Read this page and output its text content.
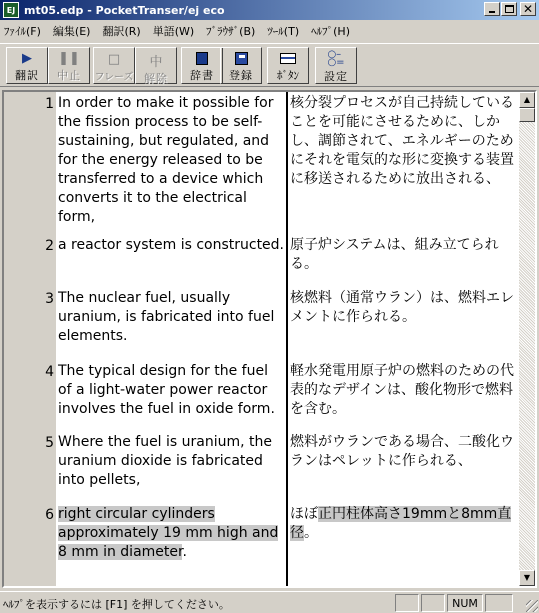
EJ mt05.edp - PocketTranser/ej eco	✕
ﾌｧｲﾙ(F) 編集(E) 翻訳(R) 単語(W) ﾌﾞﾗｳｻﾞ(B) ﾂｰﾙ(T) ﾍﾙﾌﾟ(H)
▶
翻訳
❚❚
中止
□
フレーズ
中
解除 辞書 登録 ﾎﾞﾀﾝ
○–
○=
設定
1 In order to make it possible for the fission process to be self-sustaining, but regulated, and for the energy released to be transferred to a device which converts it to the electrical form,
核分裂プロセスが自己持続していることを可能にさせるために、しかし、調節されて、エネルギーのためにそれを電気的な形に変換する装置に移送されるために放出される、
2 a reactor system is constructed. 原子炉システムは、組み立てられる。
3 The nuclear fuel, usually uranium, is fabricated into fuel elements.
核燃料（通常ウラン）は、燃料エレメントに作られる。
4 The typical design for the fuel of a light-water power reactor involves the fuel in oxide form.
軽水発電用原子炉の燃料のための代表的なデザインは、酸化物形で燃料を含む。
5 Where the fuel is uranium, the uranium dioxide is fabricated into pellets,
燃料がウランである場合、二酸化ウランはペレットに作られる、
6 right circular cylinders approximately 19 mm high and 8 mm in diameter.
ほぼ正円柱体高さ19mmと8mm直径。
▲
▼
ﾍﾙﾌﾟを表示するには [F1] を押してください。	NUM
